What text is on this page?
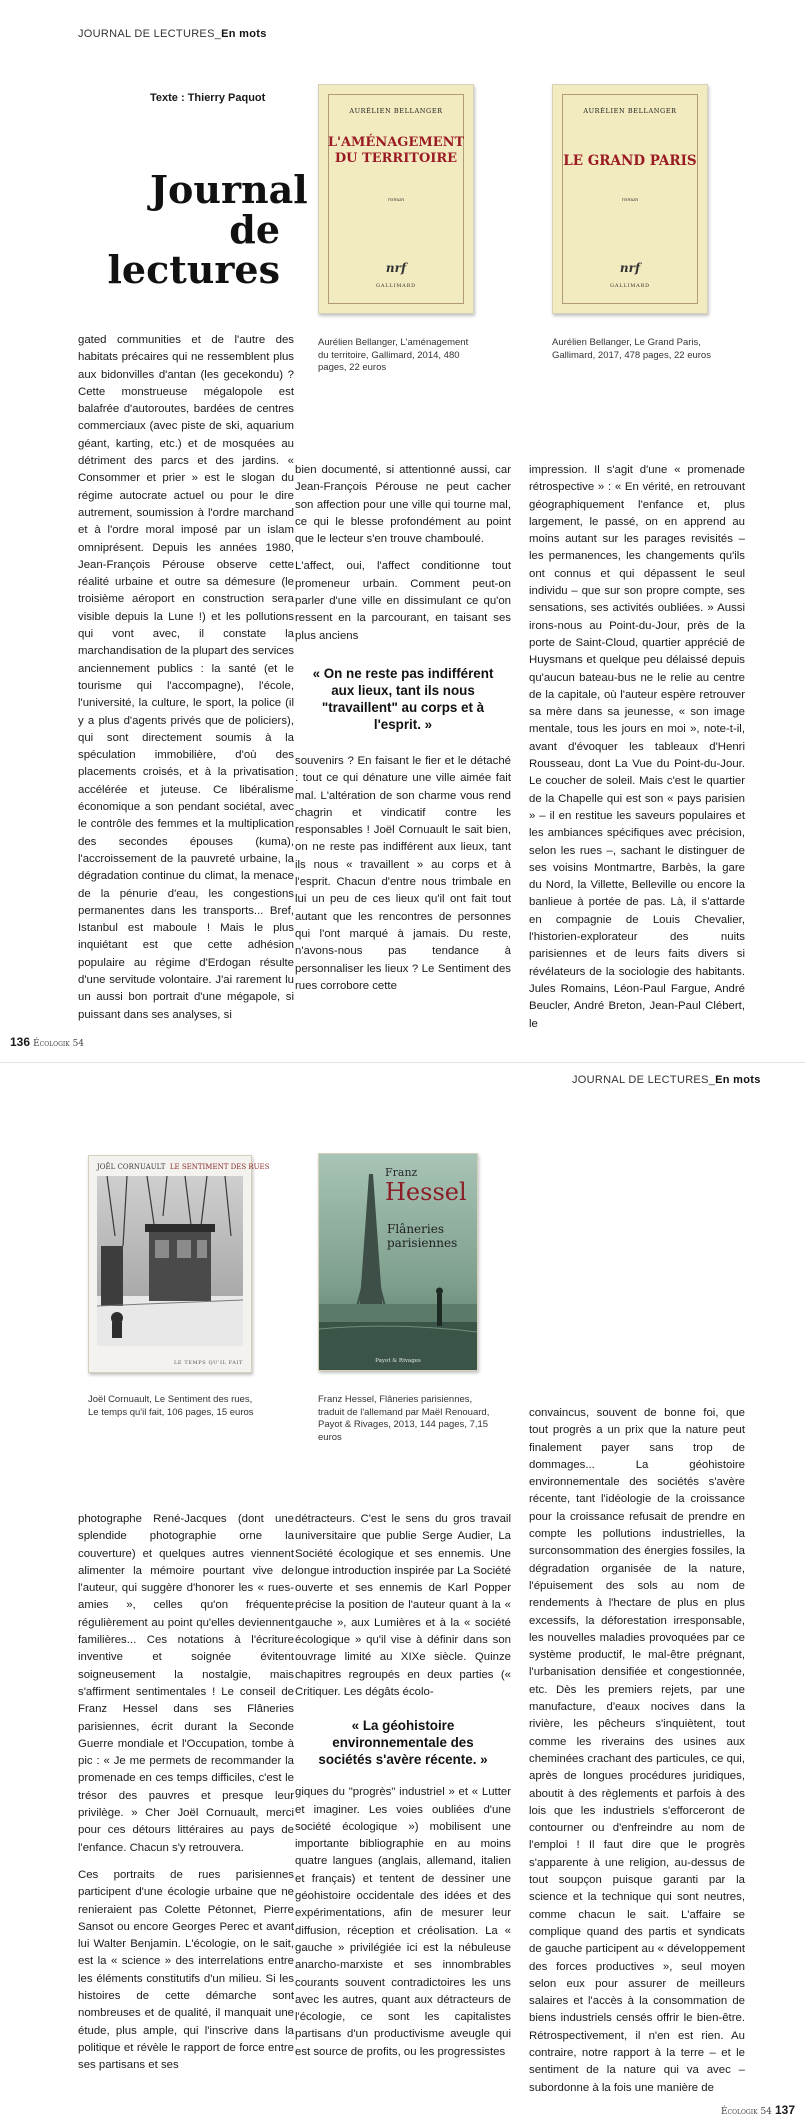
JOURNAL DE LECTURES_En mots
Texte : Thierry Paquot
Journal
de lectures
AURÉLIEN BELLANGER
L'AMÉNAGEMENT DU TERRITOIRE
roman
nrf
GALLIMARD
Aurélien Bellanger, L'aménagement du territoire, Gallimard, 2014, 480 pages, 22 euros
AURÉLIEN BELLANGER
LE GRAND PARIS
roman
nrf
GALLIMARD
Aurélien Bellanger, Le Grand Paris, Gallimard, 2017, 478 pages, 22 euros

gated communities et de l'autre des habitats précaires qui ne ressemblent plus aux bidonvilles d'antan (les gecekondu) ? Cette monstrueuse mégalopole est balafrée d'autoroutes, bardées de centres commerciaux (avec piste de ski, aquarium géant, karting, etc.) et de mosquées au détriment des parcs et des jardins. « Consommer et prier » est le slogan du régime autocrate actuel ou pour le dire autrement, soumission à l'ordre marchand et à l'ordre moral imposé par un islam omniprésent. Depuis les années 1980, Jean-François Pérouse observe cette réalité urbaine et outre sa démesure (le troisième aéroport en construction sera visible depuis la Lune !) et les pollutions qui vont avec, il constate la marchandisation de la plupart des services anciennement publics : la santé (et le tourisme qui l'accompagne), l'école, l'université, la culture, le sport, la police (il y a plus d'agents privés que de policiers), qui sont directement soumis à la spéculation immobilière, d'où des placements croisés, et à la privatisation accélérée et juteuse. Ce libéralisme économique a son pendant sociétal, avec le contrôle des femmes et la multiplication des secondes épouses (kuma), l'accroissement de la pauvreté urbaine, la dégradation continue du climat, la menace de la pénurie d'eau, les congestions permanentes dans les transports... Bref, Istanbul est maboule ! Mais le plus inquiétant est que cette adhésion populaire au régime d'Erdogan résulte d'une servitude volontaire. J'ai rarement lu un aussi bon portrait d'une mégapole, si puissant dans ses analyses, si

bien documenté, si attentionné aussi, car Jean-François Pérouse ne peut cacher son affection pour une ville qui tourne mal, ce qui le blesse profondément au point que le lecteur s'en trouve chamboulé.

L'affect, oui, l'affect conditionne tout promeneur urbain. Comment peut-on parler d'une ville en dissimulant ce qu'on ressent en la parcourant, en taisant ses plus anciens

« On ne reste pas indifférent aux lieux, tant ils nous "travaillent" au corps et à l'esprit. »

souvenirs ? En faisant le fier et le détaché : tout ce qui dénature une ville aimée fait mal. L'altération de son charme vous rend chagrin et vindicatif contre les responsables ! Joël Cornuault le sait bien, on ne reste pas indifférent aux lieux, tant ils nous « travaillent » au corps et à l'esprit. Chacun d'entre nous trimbale en lui un peu de ces lieux qu'il ont fait tout autant que les rencontres de personnes qui l'ont marqué à jamais. Du reste, n'avons-nous pas tendance à personnaliser les lieux ? Le Sentiment des rues corrobore cette

impression. Il s'agit d'une « promenade rétrospective » : « En vérité, en retrouvant géographiquement l'enfance et, plus largement, le passé, on en apprend au moins autant sur les parages revisités – les permanences, les changements qu'ils ont connus et qui dépassent le seul individu – que sur son propre compte, ses sensations, ses activités oubliées. » Aussi irons-nous au Point-du-Jour, près de la porte de Saint-Cloud, quartier apprécié de Huysmans et quelque peu délaissé depuis qu'aucun bateau-bus ne le relie au centre de la capitale, où l'auteur espère retrouver sa mère dans sa jeunesse, « son image mentale, tous les jours en moi », note-t-il, avant d'évoquer les tableaux d'Henri Rousseau, dont La Vue du Point-du-Jour. Le coucher de soleil. Mais c'est le quartier de la Chapelle qui est son « pays parisien » – il en restitue les saveurs populaires et les ambiances spécifiques avec précision, selon les rues –, sachant le distinguer de ses voisins Montmartre, Barbès, la gare du Nord, la Villette, Belleville ou encore la banlieue à portée de pas. Là, il s'attarde en compagnie de Louis Chevalier, l'historien-explorateur des nuits parisiennes et de leurs faits divers si révélateurs de la sociologie des habitants. Jules Romains, Léon-Paul Fargue, André Beucler, André Breton, Jean-Paul Clébert, le

136 Écologik 54
JOURNAL DE LECTURES_En mots
JOËL CORNUAULT LE SENTIMENT DES RUES
LE TEMPS QU'IL FAIT
Joël Cornuault, Le Sentiment des rues, Le temps qu'il fait, 106 pages, 15 euros
Franz
Hessel
Flâneries parisiennes
Payot & Rivages
Franz Hessel, Flâneries parisiennes, traduit de l'allemand par Maël Renouard, Payot & Rivages, 2013, 144 pages, 7,15 euros

convaincus, souvent de bonne foi, que tout progrès a un prix que la nature peut finalement payer sans trop de dommages... La géohistoire environnementale des sociétés s'avère récente, tant l'idéologie de la croissance pour la croissance refusait de prendre en compte les pollutions industrielles, la surconsommation des énergies fossiles, la dégradation organisée de la nature, l'épuisement des sols au nom de rendements à l'hectare de plus en plus excessifs, la déforestation irresponsable, les nouvelles maladies provoquées par ce système productif, le mal-être prégnant, l'urbanisation densifiée et congestionnée, etc. Dès les premiers rejets, par une manufacture, d'eaux nocives dans la rivière, les pêcheurs s'inquiètent, tout comme les riverains des usines aux cheminées crachant des particules, ce qui, après de longues procédures juridiques, aboutit à des règlements et parfois à des lois que les industriels s'efforceront de contourner ou d'enfreindre au nom de l'emploi ! Il faut dire que le progrès s'apparente à une religion, au-dessus de tout soupçon puisque garanti par la science et la technique qui sont neutres, comme chacun le sait. L'affaire se complique quand des partis et syndicats de gauche participent au « développement des forces productives », seul moyen selon eux pour assurer de meilleurs salaires et l'accès à la consommation de biens industriels censés offrir le bien-être. Rétrospectivement, il n'en est rien. Au contraire, notre rapport à la terre – et le sentiment de la nature qui va avec – subordonne à la fois une manière de

photographe René-Jacques (dont une splendide photographie orne la couverture) et quelques autres viennent alimenter la mémoire pourtant vive de l'auteur, qui suggère d'honorer les « rues-amies », celles qu'on fréquente régulièrement au point qu'elles deviennent familières... Ces notations à l'écriture inventive et soignée évitent soigneusement la nostalgie, mais s'affirment sentimentales ! Le conseil de Franz Hessel dans ses Flâneries parisiennes, écrit durant la Seconde Guerre mondiale et l'Occupation, tombe à pic : « Je me permets de recommander la promenade en ces temps difficiles, c'est le trésor des pauvres et presque leur privilège. » Cher Joël Cornuault, merci pour ces détours littéraires au pays de l'enfance. Chacun s'y retrouvera.

Ces portraits de rues parisiennes participent d'une écologie urbaine que ne renieraient pas Colette Pétonnet, Pierre Sansot ou encore Georges Perec et avant lui Walter Benjamin. L'écologie, on le sait, est la « science » des interrelations entre les éléments constitutifs d'un milieu. Si les histoires de cette démarche sont nombreuses et de qualité, il manquait une étude, plus ample, qui l'inscrive dans la politique et révèle le rapport de force entre ses partisans et ses

détracteurs. C'est le sens du gros travail universitaire que publie Serge Audier, La Société écologique et ses ennemis. Une longue introduction inspirée par La Société ouverte et ses ennemis de Karl Popper précise la position de l'auteur quant à la « gauche », aux Lumières et à la « société écologique » qu'il vise à définir dans son ouvrage limité au XIXe siècle. Quinze chapitres regroupés en deux parties (« Critiquer. Les dégâts écolo-

« La géohistoire environnementale des sociétés s'avère récente. »

giques du "progrès" industriel » et « Lutter et imaginer. Les voies oubliées d'une société écologique ») mobilisent une importante bibliographie en au moins quatre langues (anglais, allemand, italien et français) et tentent de dessiner une géohistoire occidentale des idées et des expérimentations, afin de mesurer leur diffusion, réception et créolisation. La « gauche » privilégiée ici est la nébuleuse anarcho-marxiste et ses innombrables courants souvent contradictoires les uns avec les autres, quant aux détracteurs de l'écologie, ce sont les capitalistes partisans d'un productivisme aveugle qui est source de profits, ou les progressistes

Écologik 54 137
